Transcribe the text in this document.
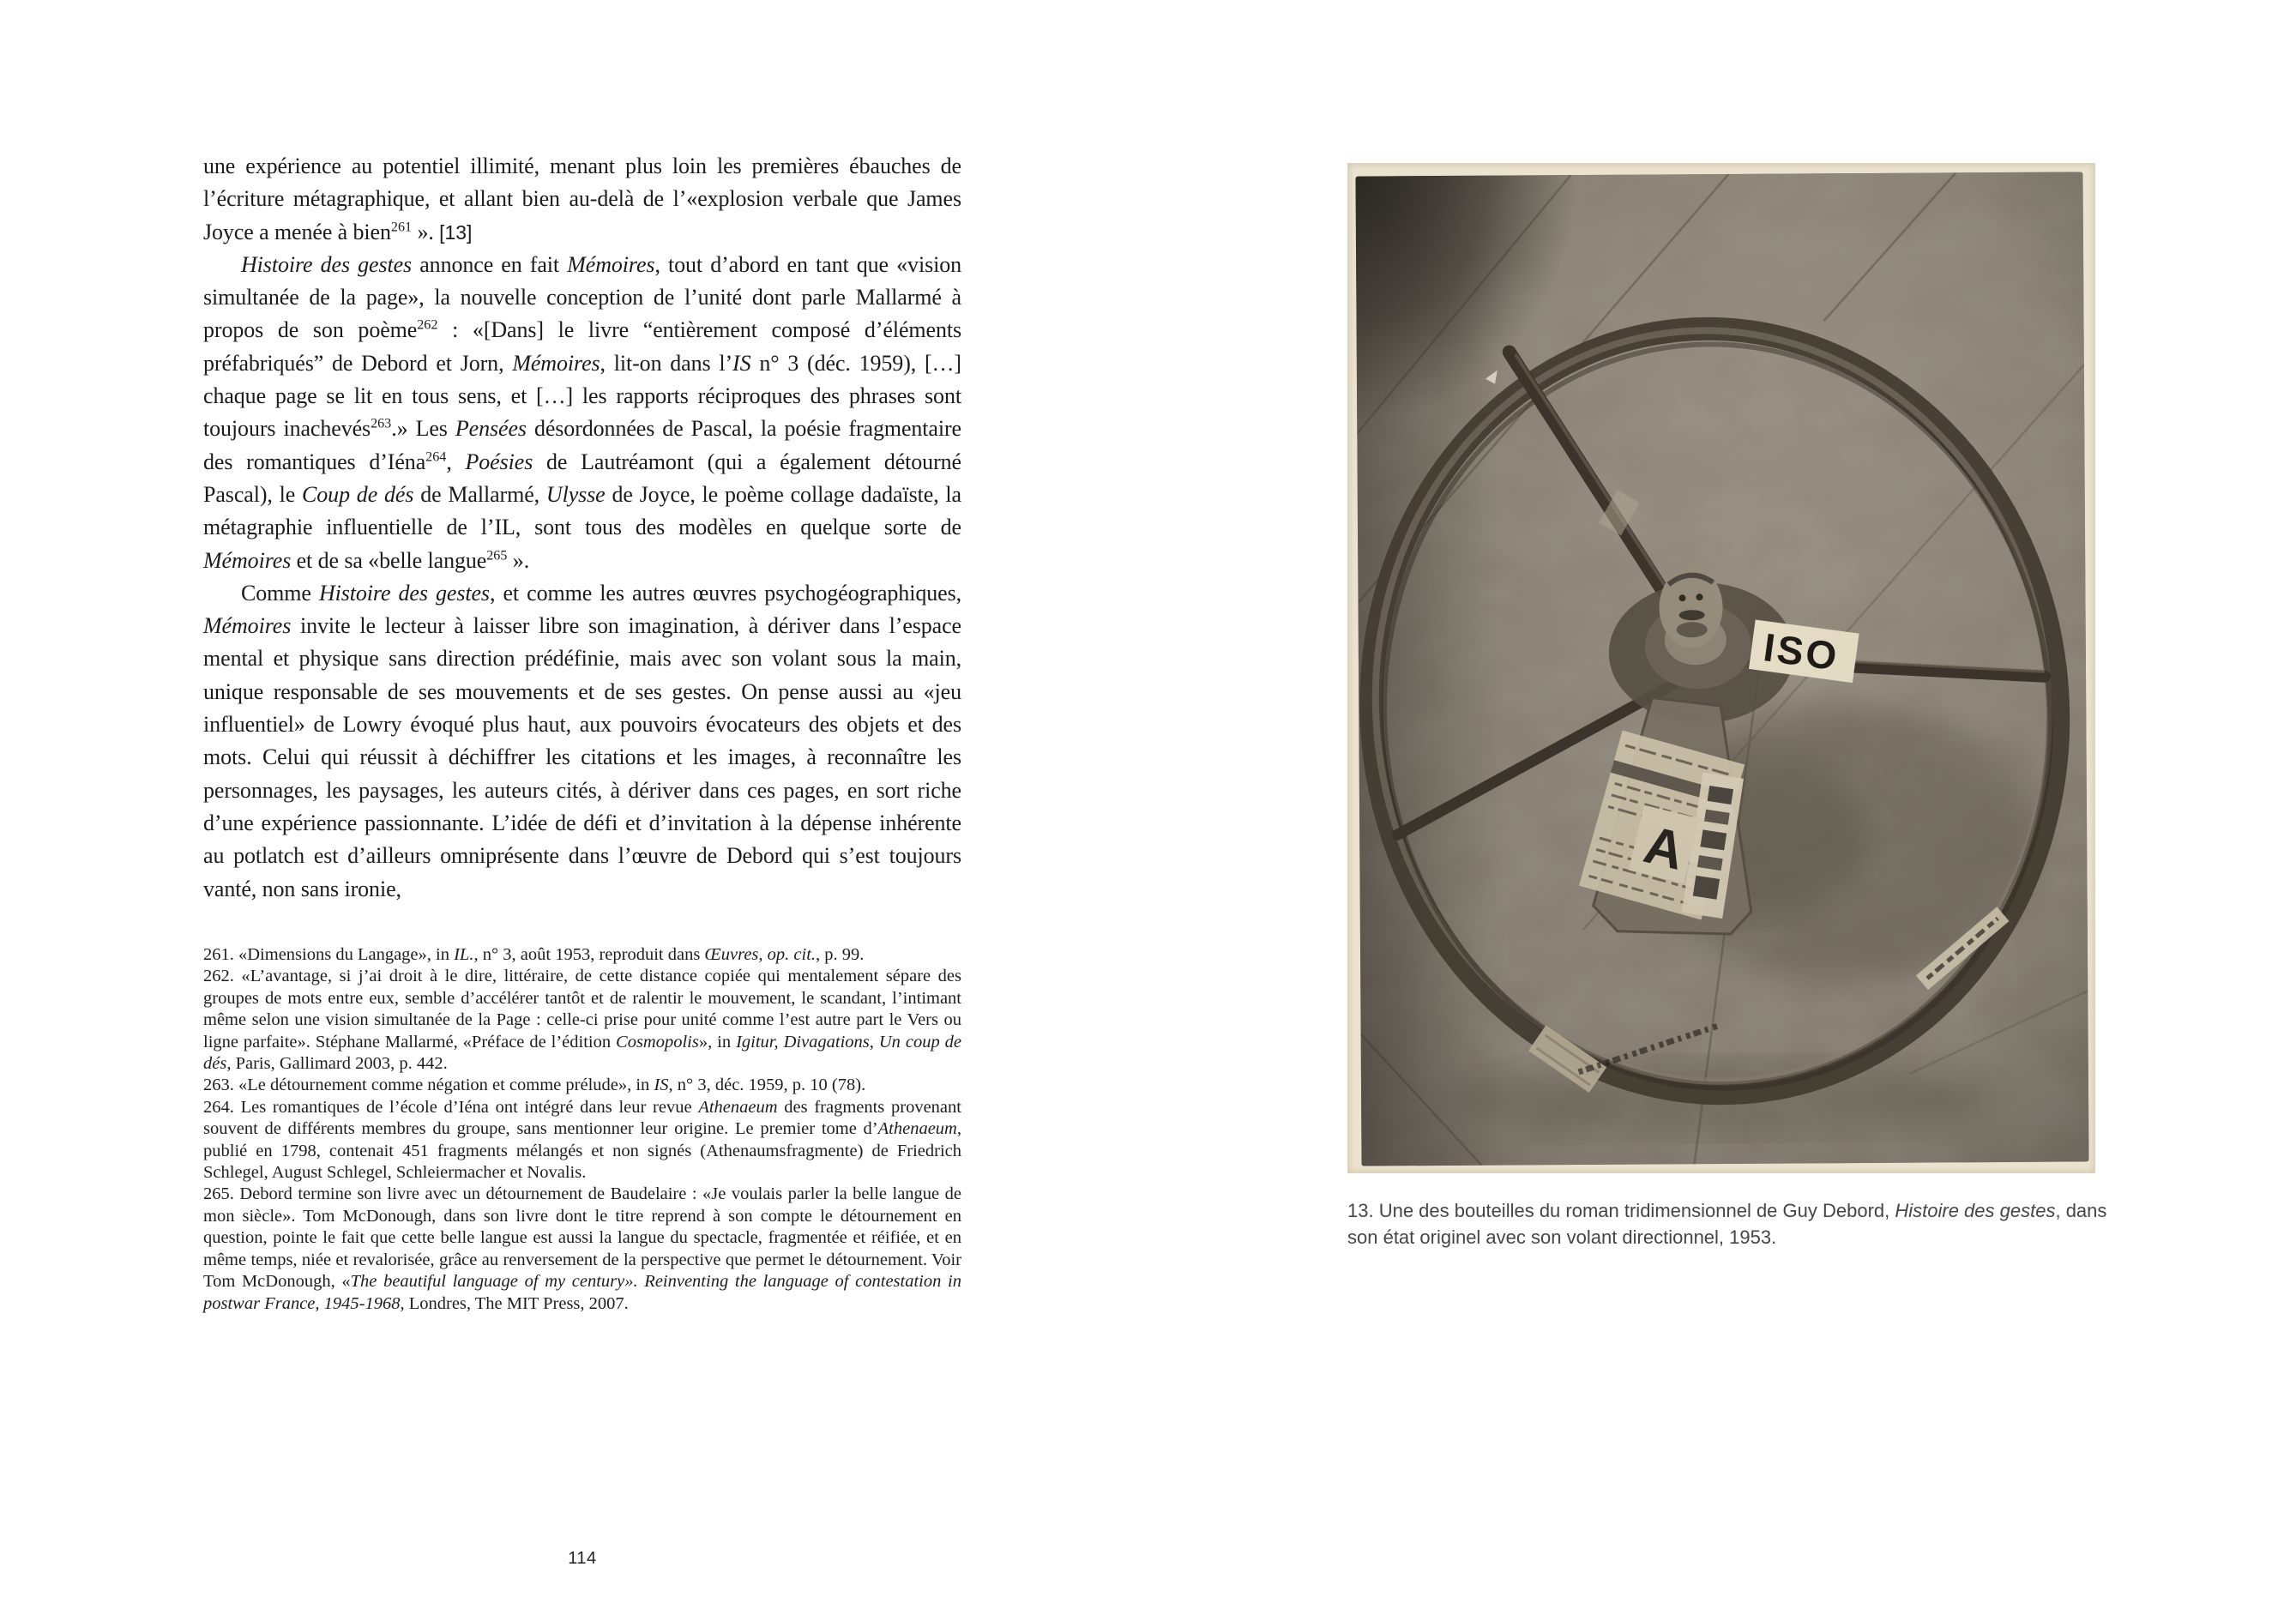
une expérience au potentiel illimité, menant plus loin les premières ébauches de l’écriture métagraphique, et allant bien au-delà de l’«explosion verbale que James Joyce a menée à bien$^{261}$ ». [13]

Histoire des gestes annonce en fait Mémoires, tout d’abord en tant que «vision simultanée de la page», la nouvelle conception de l’unité dont parle Mallarmé à propos de son poème$^{262}$ : «[Dans] le livre “entièrement composé d’éléments préfabriqués” de Debord et Jorn, Mémoires, lit-on dans l’IS n° 3 (déc. 1959), […] chaque page se lit en tous sens, et […] les rapports réciproques des phrases sont toujours inachevés$^{263}$.» Les Pensées désordonnées de Pascal, la poésie fragmentaire des romantiques d’Iéna$^{264}$, Poésies de Lautréamont (qui a également détourné Pascal), le Coup de dés de Mallarmé, Ulysse de Joyce, le poème collage dadaïste, la métagraphie influentielle de l’IL, sont tous des modèles en quelque sorte de Mémoires et de sa «belle langue$^{265}$ ».

Comme Histoire des gestes, et comme les autres œuvres psychogéographiques, Mémoires invite le lecteur à laisser libre son imagination, à dériver dans l’espace mental et physique sans direction prédéfinie, mais avec son volant sous la main, unique responsable de ses mouvements et de ses gestes. On pense aussi au «jeu influentiel» de Lowry évoqué plus haut, aux pouvoirs évocateurs des objets et des mots. Celui qui réussit à déchiffrer les citations et les images, à reconnaître les personnages, les paysages, les auteurs cités, à dériver dans ces pages, en sort riche d’une expérience passionnante. L’idée de défi et d’invitation à la dépense inhérente au potlatch est d’ailleurs omniprésente dans l’œuvre de Debord qui s’est toujours vanté, non sans ironie,

261. «Dimensions du Langage», in IL., n° 3, août 1953, reproduit dans Œuvres, op. cit., p. 99.

262. «L’avantage, si j’ai droit à le dire, littéraire, de cette distance copiée qui mentalement sépare des groupes de mots entre eux, semble d’accélérer tantôt et de ralentir le mouvement, le scandant, l’intimant même selon une vision simultanée de la Page : celle-ci prise pour unité comme l’est autre part le Vers ou ligne parfaite». Stéphane Mallarmé, «Préface de l’édition Cosmopolis», in Igitur, Divagations, Un coup de dés, Paris, Gallimard 2003, p. 442.

263. «Le détournement comme négation et comme prélude», in IS, n° 3, déc. 1959, p. 10 (78).

264. Les romantiques de l’école d’Iéna ont intégré dans leur revue Athenaeum des fragments provenant souvent de différents membres du groupe, sans mentionner leur origine. Le premier tome d’Athenaeum, publié en 1798, contenait 451 fragments mélangés et non signés (Athenaumsfragmente) de Friedrich Schlegel, August Schlegel, Schleiermacher et Novalis.

265. Debord termine son livre avec un détournement de Baudelaire : «Je voulais parler la belle langue de mon siècle». Tom McDonough, dans son livre dont le titre reprend à son compte le détournement en question, pointe le fait que cette belle langue est aussi la langue du spectacle, fragmentée et réifiée, et en même temps, niée et revalorisée, grâce au renversement de la perspective que permet le détournement. Voir Tom McDonough, «The beautiful language of my century». Reinventing the language of contestation in postwar France, 1945-1968, Londres, The MIT Press, 2007.

114
13. Une des bouteilles du roman tridimensionnel de Guy Debord, Histoire des gestes, dans son état originel avec son volant directionnel, 1953.
